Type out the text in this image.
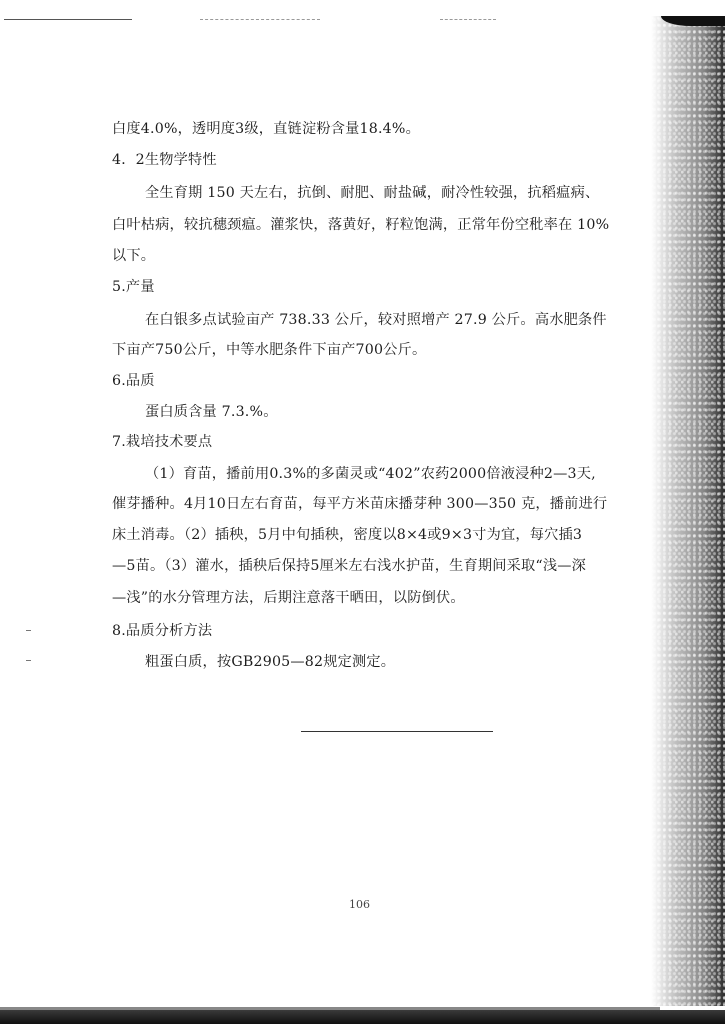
白度4.0%，透明度3级，直链淀粉含量18.4%。
4．2生物学特性
全生育期 150 天左右，抗倒、耐肥、耐盐碱，耐冷性较强，抗稻瘟病、
白叶枯病，较抗穗颈瘟。灌浆快，落黄好，籽粒饱满，正常年份空秕率在 10%
以下。
5.产量
在白银多点试验亩产 738.33 公斤，较对照增产 27.9 公斤。高水肥条件
下亩产750公斤，中等水肥条件下亩产700公斤。
6.品质
蛋白质含量 7.3.%。
7.栽培技术要点
（1）育苗，播前用0.3%的多菌灵或“402”农药2000倍液浸种2—3天,
催芽播种。4月10日左右育苗，每平方米苗床播芽种 300—350 克，播前进行
床土消毒。（2）插秧，5月中旬插秧，密度以8×4或9×3寸为宜，每穴插3
—5苗。（3）灌水，插秧后保持5厘米左右浅水护苗，生育期间采取“浅—深
—浅”的水分管理方法，后期注意落干晒田，以防倒伏。
8.品质分析方法
粗蛋白质，按GB2905—82规定测定。
106
